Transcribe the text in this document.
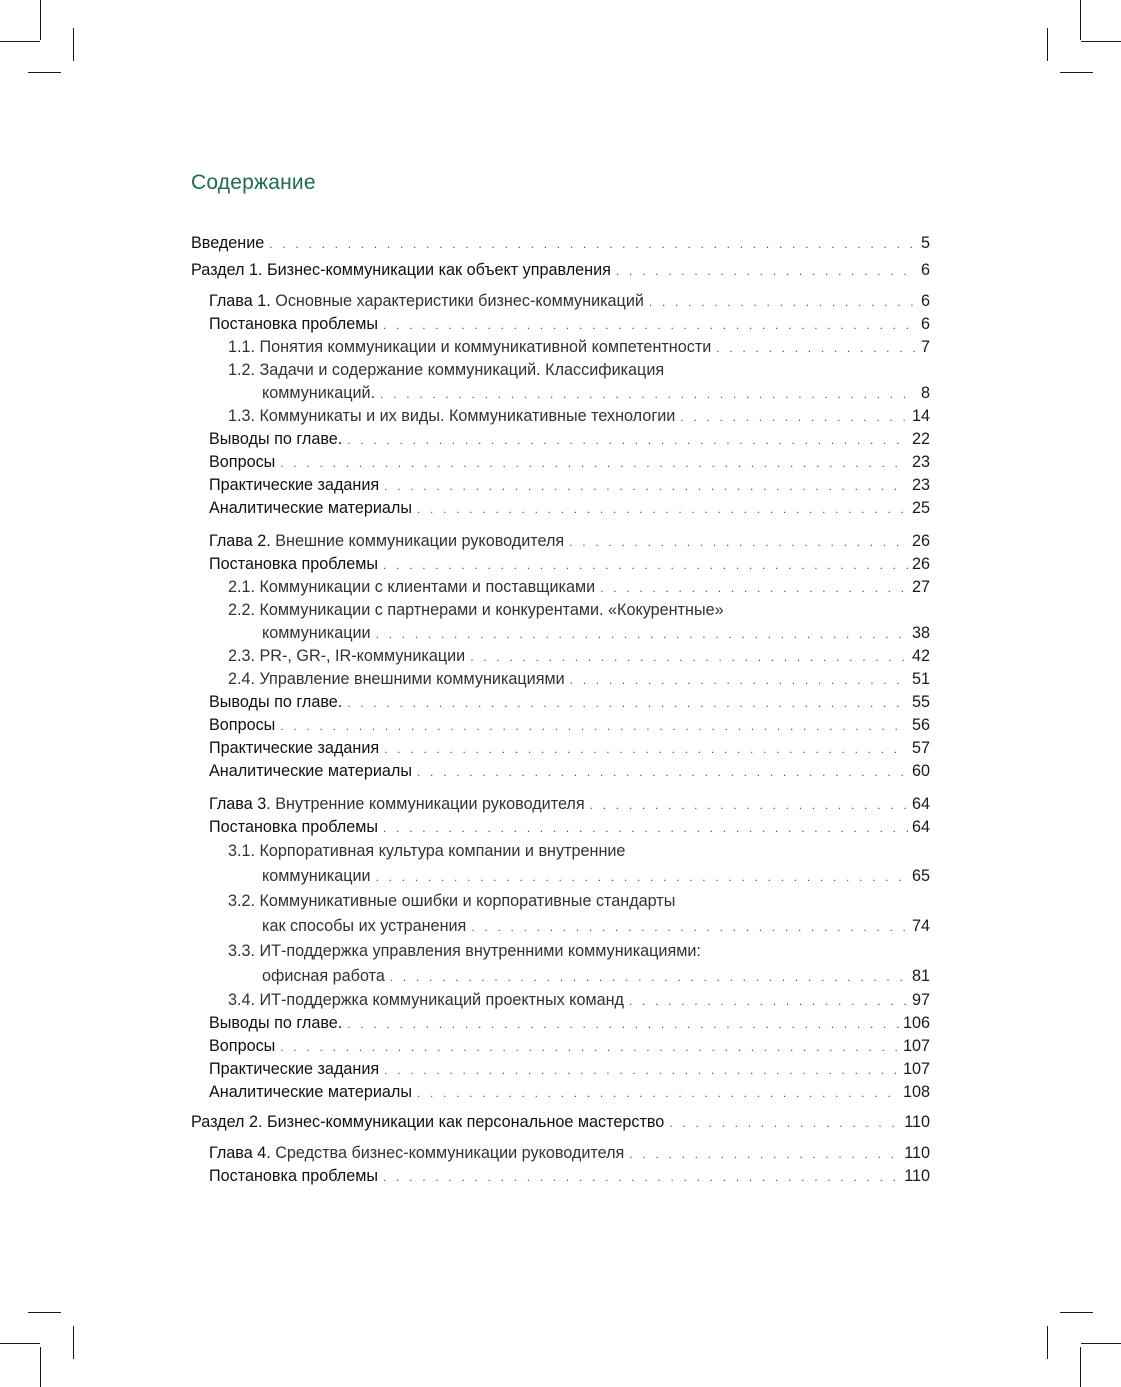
Содержание
Введение . . .	5
Раздел 1. Бизнес-коммуникации как объект управления . . .	6
Глава 1. Основные характеристики бизнес-коммуникаций . . .	6
Постановка проблемы . . .	6
1.1. Понятия коммуникации и коммуникативной компетентности . . .	7
1.2. Задачи и содержание коммуникаций. Классификация
коммуникаций. . . .	8
1.3. Коммуникаты и их виды. Коммуникативные технологии . . .	14
Выводы по главе. . . .	22
Вопросы . . .	23
Практические задания . . .	23
Аналитические материалы . . .	25
Глава 2. Внешние коммуникации руководителя . . .	26
Постановка проблемы . . .	26
2.1. Коммуникации с клиентами и поставщиками . . .	27
2.2. Коммуникации с партнерами и конкурентами. «Кокурентные»
коммуникации . . .	38
2.3. PR-, GR-, IR-коммуникации . . .	42
2.4. Управление внешними коммуникациями . . .	51
Выводы по главе. . . .	55
Вопросы . . .	56
Практические задания . . .	57
Аналитические материалы . . .	60
Глава 3. Внутренние коммуникации руководителя . . .	64
Постановка проблемы . . .	64
3.1. Корпоративная культура компании и внутренние
коммуникации . . .	65
3.2. Коммуникативные ошибки и корпоративные стандарты
как способы их устранения . . .	74
3.3. ИТ-поддержка управления внутренними коммуникациями:
офисная работа . . .	81
3.4. ИТ-поддержка коммуникаций проектных команд . . .	97
Выводы по главе. . . .	106
Вопросы . . .	107
Практические задания . . .	107
Аналитические материалы . . .	108
Раздел 2. Бизнес-коммуникации как персональное мастерство . . .	110
Глава 4. Средства бизнес-коммуникации руководителя . . .	110
Постановка проблемы . . .	110
